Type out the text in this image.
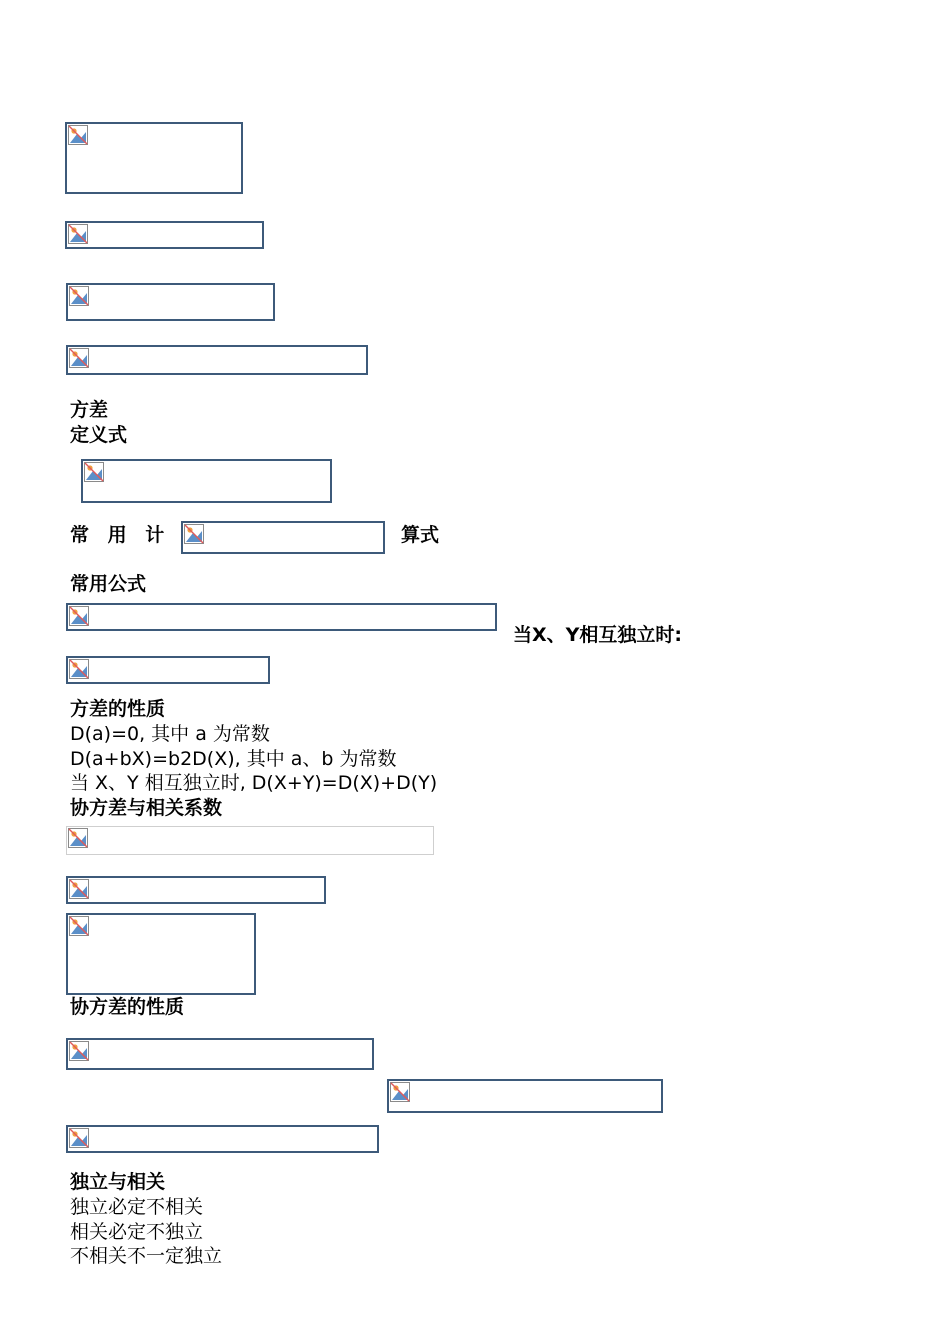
方差
定义式
常 用 计	算式
常用公式
当X、Y相互独立时:
方差的性质
D(a)=0, 其中 a 为常数
D(a+bX)=b2D(X), 其中 a、b 为常数
当 X、Y 相互独立时, D(X+Y)=D(X)+D(Y)
协方差与相关系数
协方差的性质
独立与相关
独立必定不相关
相关必定不独立
不相关不一定独立
